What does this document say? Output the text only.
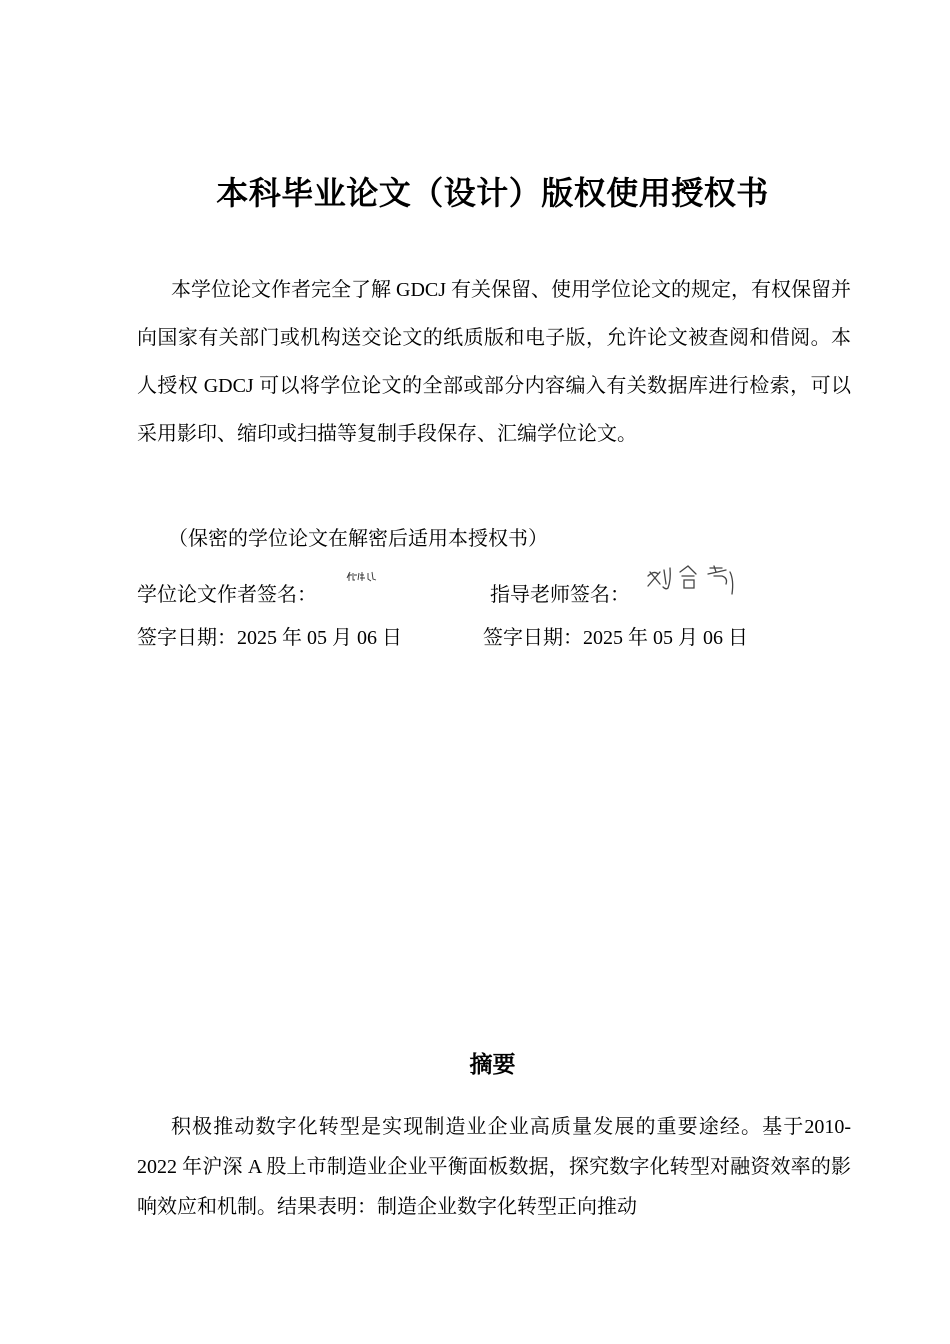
本科毕业论文（设计）版权使用授权书

本学位论文作者完全了解 GDCJ 有关保留、使用学位论文的规定，有权保留并向国家有关部门或机构送交论文的纸质版和电子版，允许论文被查阅和借阅。本人授权 GDCJ 可以将学位论文的全部或部分内容编入有关数据库进行检索，可以采用影印、缩印或扫描等复制手段保存、汇编学位论文。

（保密的学位论文在解密后适用本授权书）
学位论文作者签名：	指导老师签名：
签字日期：2025 年 05 月 06 日	签字日期：2025 年 05 月 06 日
摘要

积极推动数字化转型是实现制造业企业高质量发展的重要途经。基于2010-2022 年沪深 A 股上市制造业企业平衡面板数据，探究数字化转型对融资效率的影响效应和机制。结果表明：制造企业数字化转型正向推动
